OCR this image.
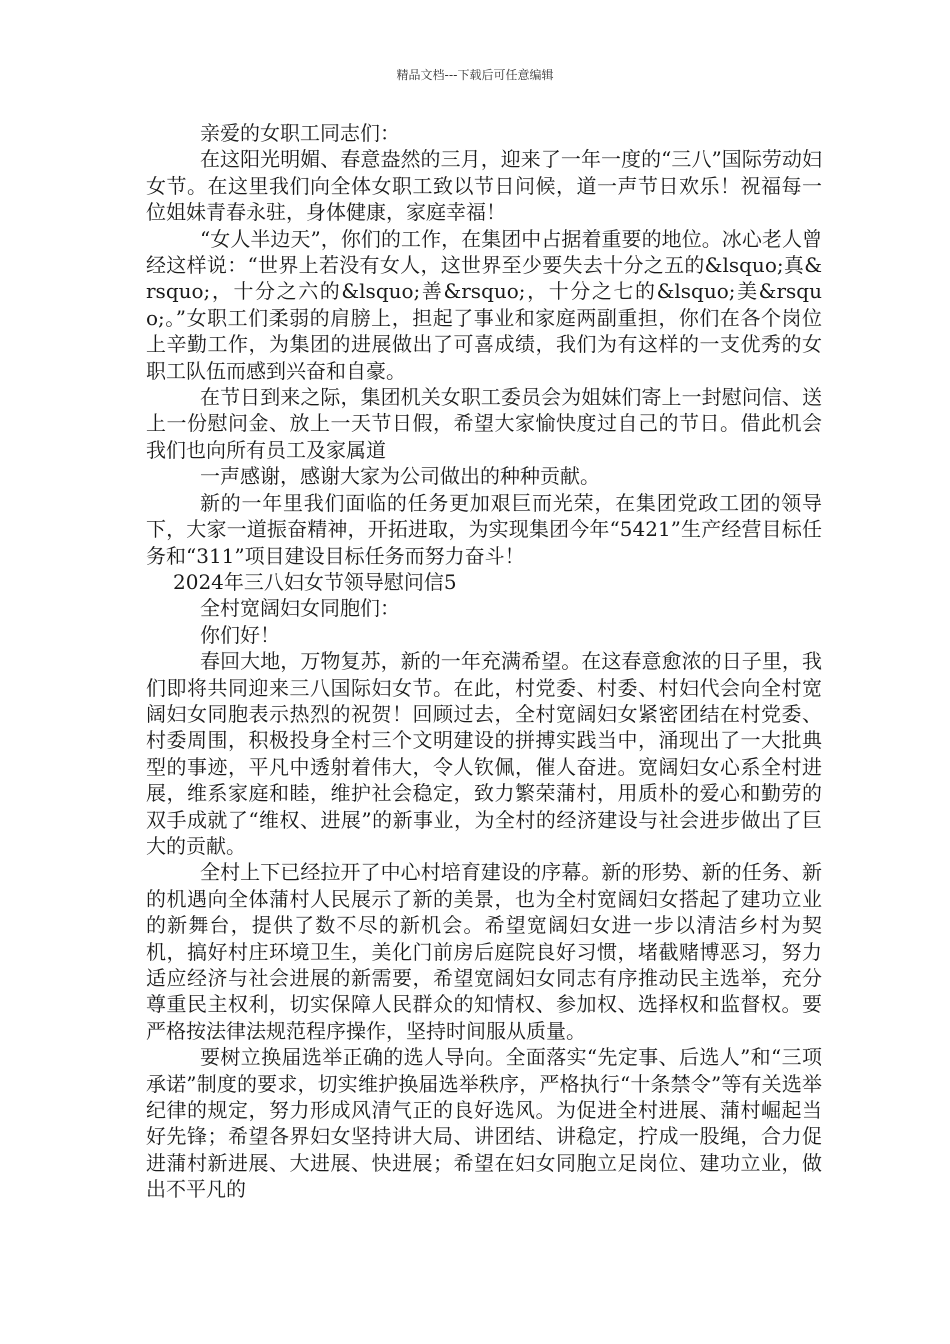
精品文档---下载后可任意编辑

亲爱的女职工同志们：

在这阳光明媚、春意盎然的三月，迎来了一年一度的“三八”国际劳动妇女节。在这里我们向全体女职工致以节日问候，道一声节日欢乐！祝福每一位姐妹青春永驻，身体健康，家庭幸福！

“女人半边天”，你们的工作，在集团中占据着重要的地位。冰心老人曾经这样说：“世界上若没有女人，这世界至少要失去十分之五的&lsquo;真&rsquo;，十分之六的&lsquo;善&rsquo;，十分之七的&lsquo;美&rsquo;。”女职工们柔弱的肩膀上，担起了事业和家庭两副重担，你们在各个岗位上辛勤工作，为集团的进展做出了可喜成绩，我们为有这样的一支优秀的女职工队伍而感到兴奋和自豪。

在节日到来之际，集团机关女职工委员会为姐妹们寄上一封慰问信、送上一份慰问金、放上一天节日假，希望大家愉快度过自己的节日。借此机会我们也向所有员工及家属道

一声感谢，感谢大家为公司做出的种种贡献。

新的一年里我们面临的任务更加艰巨而光荣，在集团党政工团的领导下，大家一道振奋精神，开拓进取，为实现集团今年“5421”生产经营目标任务和“311”项目建设目标任务而努力奋斗！

2024年三八妇女节领导慰问信5

全村宽阔妇女同胞们：

你们好！

春回大地，万物复苏，新的一年充满希望。在这春意愈浓的日子里，我们即将共同迎来三八国际妇女节。在此，村党委、村委、村妇代会向全村宽阔妇女同胞表示热烈的祝贺！回顾过去，全村宽阔妇女紧密团结在村党委、村委周围，积极投身全村三个文明建设的拼搏实践当中，涌现出了一大批典型的事迹，平凡中透射着伟大，令人钦佩，催人奋进。宽阔妇女心系全村进展，维系家庭和睦，维护社会稳定，致力繁荣蒲村，用质朴的爱心和勤劳的双手成就了“维权、进展”的新事业，为全村的经济建设与社会进步做出了巨大的贡献。

全村上下已经拉开了中心村培育建设的序幕。新的形势、新的任务、新的机遇向全体蒲村人民展示了新的美景，也为全村宽阔妇女搭起了建功立业的新舞台，提供了数不尽的新机会。希望宽阔妇女进一步以清洁乡村为契机，搞好村庄环境卫生，美化门前房后庭院良好习惯，堵截赌博恶习，努力适应经济与社会进展的新需要，希望宽阔妇女同志有序推动民主选举，充分尊重民主权利，切实保障人民群众的知情权、参加权、选择权和监督权。要严格按法律法规范程序操作，坚持时间服从质量。

要树立换届选举正确的选人导向。全面落实“先定事、后选人”和“三项承诺”制度的要求，切实维护换届选举秩序，严格执行“十条禁令”等有关选举纪律的规定，努力形成风清气正的良好选风。为促进全村进展、蒲村崛起当好先锋；希望各界妇女坚持讲大局、讲团结、讲稳定，拧成一股绳，合力促进蒲村新进展、大进展、快进展；希望在妇女同胞立足岗位、建功立业，做出不平凡的
